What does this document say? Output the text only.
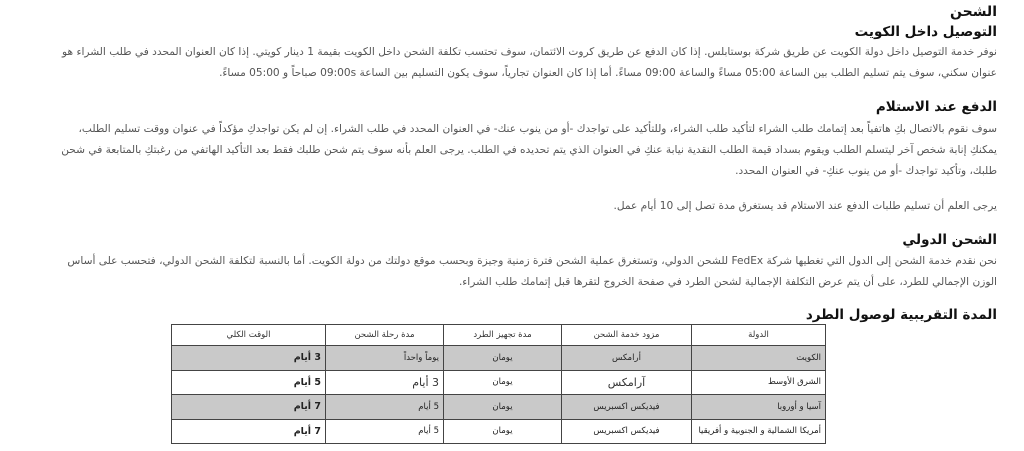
الشحن
التوصيل داخل الكويت

نوفر خدمة التوصيل داخل دولة الكويت عن طريق شركة بوستابلس. إذا كان الدفع عن طريق كروت الائتمان، سوف تحتسب تكلفة الشحن داخل الكويت بقيمة 1 دينار كويتي. إذا كان العنوان المحدد في طلب الشراء هو

عنوان سكني، سوف يتم تسليم الطلب بين الساعة 05:00 مساءً والساعة 09:00 مساءً. أما إذا كان العنوان تجارياً، سوف يكون التسليم بين الساعة 09:00s صباحاً و 05:00 مساءً.

الدفع عند الاستلام

سوف نقوم بالاتصال بكِ هاتفياً بعد إتمامك طلب الشراء لتأكيد طلب الشراء، وللتأكيد على تواجدك -أو من ينوب عنك- في العنوان المحدد في طلب الشراء. إن لم يكن تواجدكِ مؤكداً في عنوان ووقت تسليم الطلب،

يمكنكِ إنابة شخص آخر ليتسلم الطلب ويقوم بسداد قيمة الطلب النقدية نيابة عنكِ في العنوان الذي يتم تحديده في الطلب. يرجى العلم بأنه سوف يتم شحن طلبك فقط بعد التأكيد الهاتفي من رغبتكِ بالمتابعة في شحن

طلبك، وتأكيد تواجدك -أو من ينوب عنكِ- في العنوان المحدد.

يرجى العلم أن تسليم طلبات الدفع عند الاستلام قد يستغرق مدة تصل إلى 10 أيام عمل.

الشحن الدولي

نحن نقدم خدمة الشحن إلى الدول التي تغطيها شركة FedEx للشحن الدولي، وتستغرق عملية الشحن فترة زمنية وجيزة وبحسب موقع دولتك من دولة الكويت. أما بالنسبة لتكلفة الشحن الدولي، فتحسب على أساس

الوزن الإجمالي للطرد، على أن يتم عرض التكلفة الإجمالية لشحن الطرد في صفحة الخروج لتقرها قبل إتمامك طلب الشراء.

المدة التقريبية لوصول الطرد
الدولة	مزود خدمة الشحن	مدة تجهيز الطرد	مدة رحلة الشحن	الوقت الكلي
الكويت	أرامكس	يومان	يوماً واحداً	3 أيام
الشرق الأوسط	آرامكس	يومان	3 أيام	5 أيام
آسيا و أوروبا	فيديكس اكسبريس	يومان	5 أيام	7 أيام
أمريكا الشمالية و الجنوبية و أفريقيا	فيديكس اكسبريس	يومان	5 أيام	7 أيام
